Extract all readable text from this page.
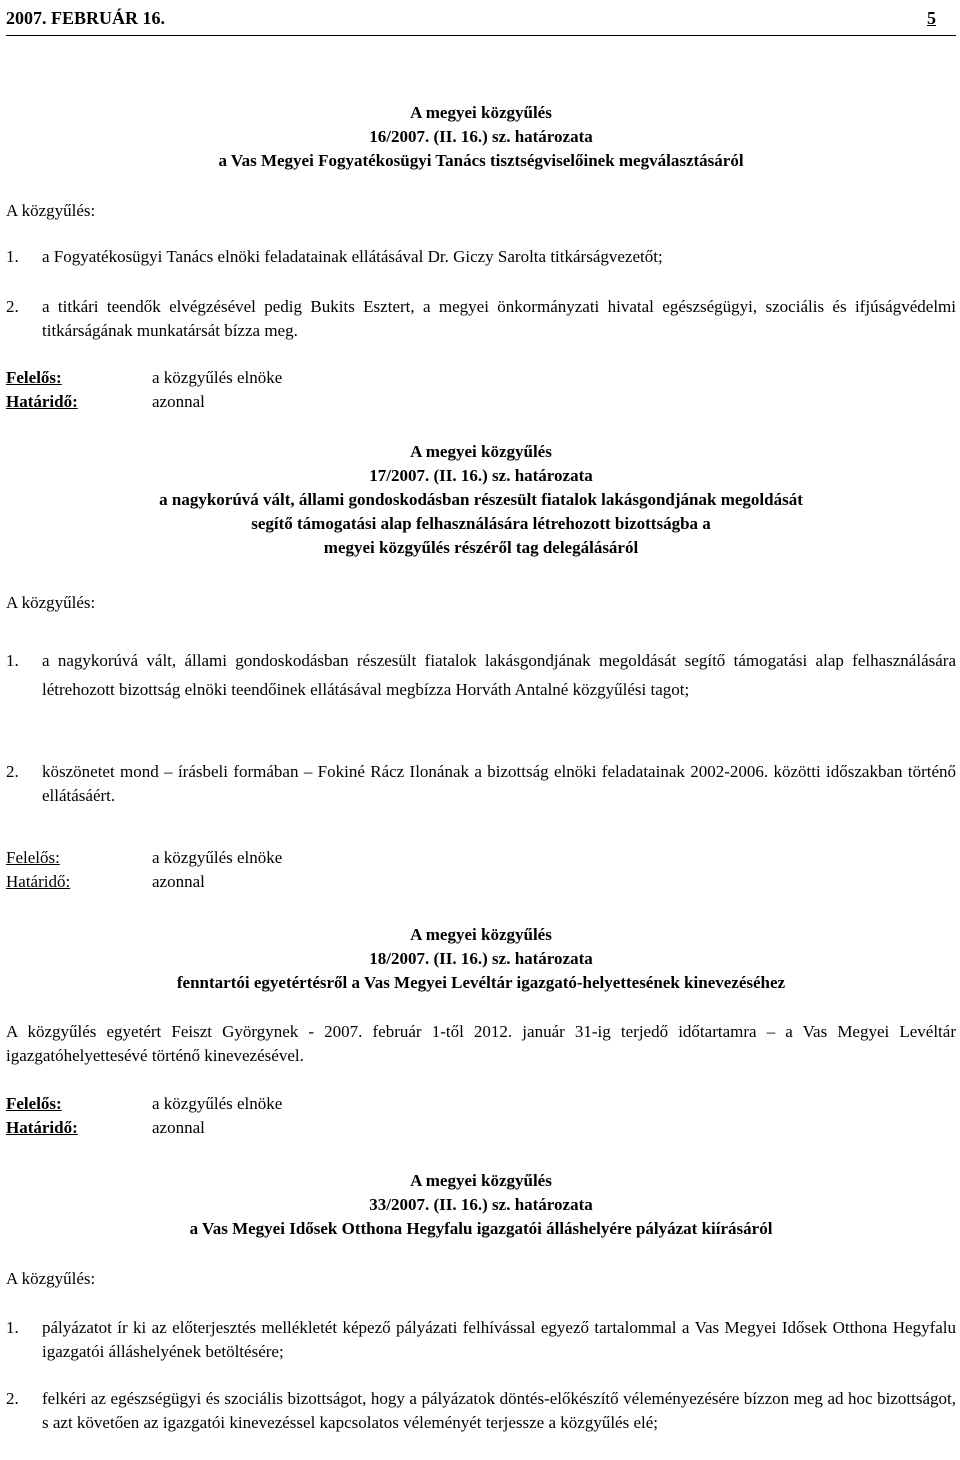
2007. FEBRUÁR 16.	5
A megyei közgyűlés
16/2007. (II. 16.) sz. határozata
a Vas Megyei Fogyatékosügyi Tanács tisztségviselőinek megválasztásáról
A közgyűlés:
1.	a Fogyatékosügyi Tanács elnöki feladatainak ellátásával Dr. Giczy Sarolta titkárságvezetőt;
2.	a titkári teendők elvégzésével pedig Bukits Esztert, a megyei önkormányzati hivatal egészségügyi, szociális és ifjúságvédelmi titkárságának munkatársát bízza meg.
Felelős:	a közgyűlés elnöke
Határidő:	azonnal
A megyei közgyűlés
17/2007. (II. 16.) sz. határozata
a nagykorúvá vált, állami gondoskodásban részesült fiatalok lakásgondjának megoldását
segítő támogatási alap felhasználására létrehozott bizottságba a
megyei közgyűlés részéről tag delegálásáról
A közgyűlés:
1.	a nagykorúvá vált, állami gondoskodásban részesült fiatalok lakásgondjának megoldását segítő támogatási alap felhasználására létrehozott bizottság elnöki teendőinek ellátásával megbízza Horváth Antalné közgyűlési tagot;
2.	köszönetet mond – írásbeli formában – Fokiné Rácz Ilonának a bizottság elnöki feladatainak 2002-2006. közötti időszakban történő ellátásáért.
Felelős:	a közgyűlés elnöke
Határidő:	azonnal
A megyei közgyűlés
18/2007. (II. 16.) sz. határozata
fenntartói egyetértésről a Vas Megyei Levéltár igazgató-helyettesének kinevezéséhez
A közgyűlés egyetért Feiszt Györgynek - 2007. február 1-től 2012. január 31-ig terjedő időtartamra – a Vas Megyei Levéltár igazgatóhelyettesévé történő kinevezésével.
Felelős:	a közgyűlés elnöke
Határidő:	azonnal
A megyei közgyűlés
33/2007. (II. 16.) sz. határozata
a Vas Megyei Idősek Otthona Hegyfalu igazgatói álláshelyére pályázat kiírásáról
A közgyűlés:
1.	pályázatot ír ki az előterjesztés mellékletét képező pályázati felhívással egyező tartalommal a Vas Megyei Idősek Otthona Hegyfalu igazgatói álláshelyének betöltésére;
2.	felkéri az egészségügyi és szociális bizottságot, hogy a pályázatok döntés-előkészítő véleményezésére bízzon meg ad hoc bizottságot, s azt követően az igazgatói kinevezéssel kapcsolatos véleményét terjessze a közgyűlés elé;
